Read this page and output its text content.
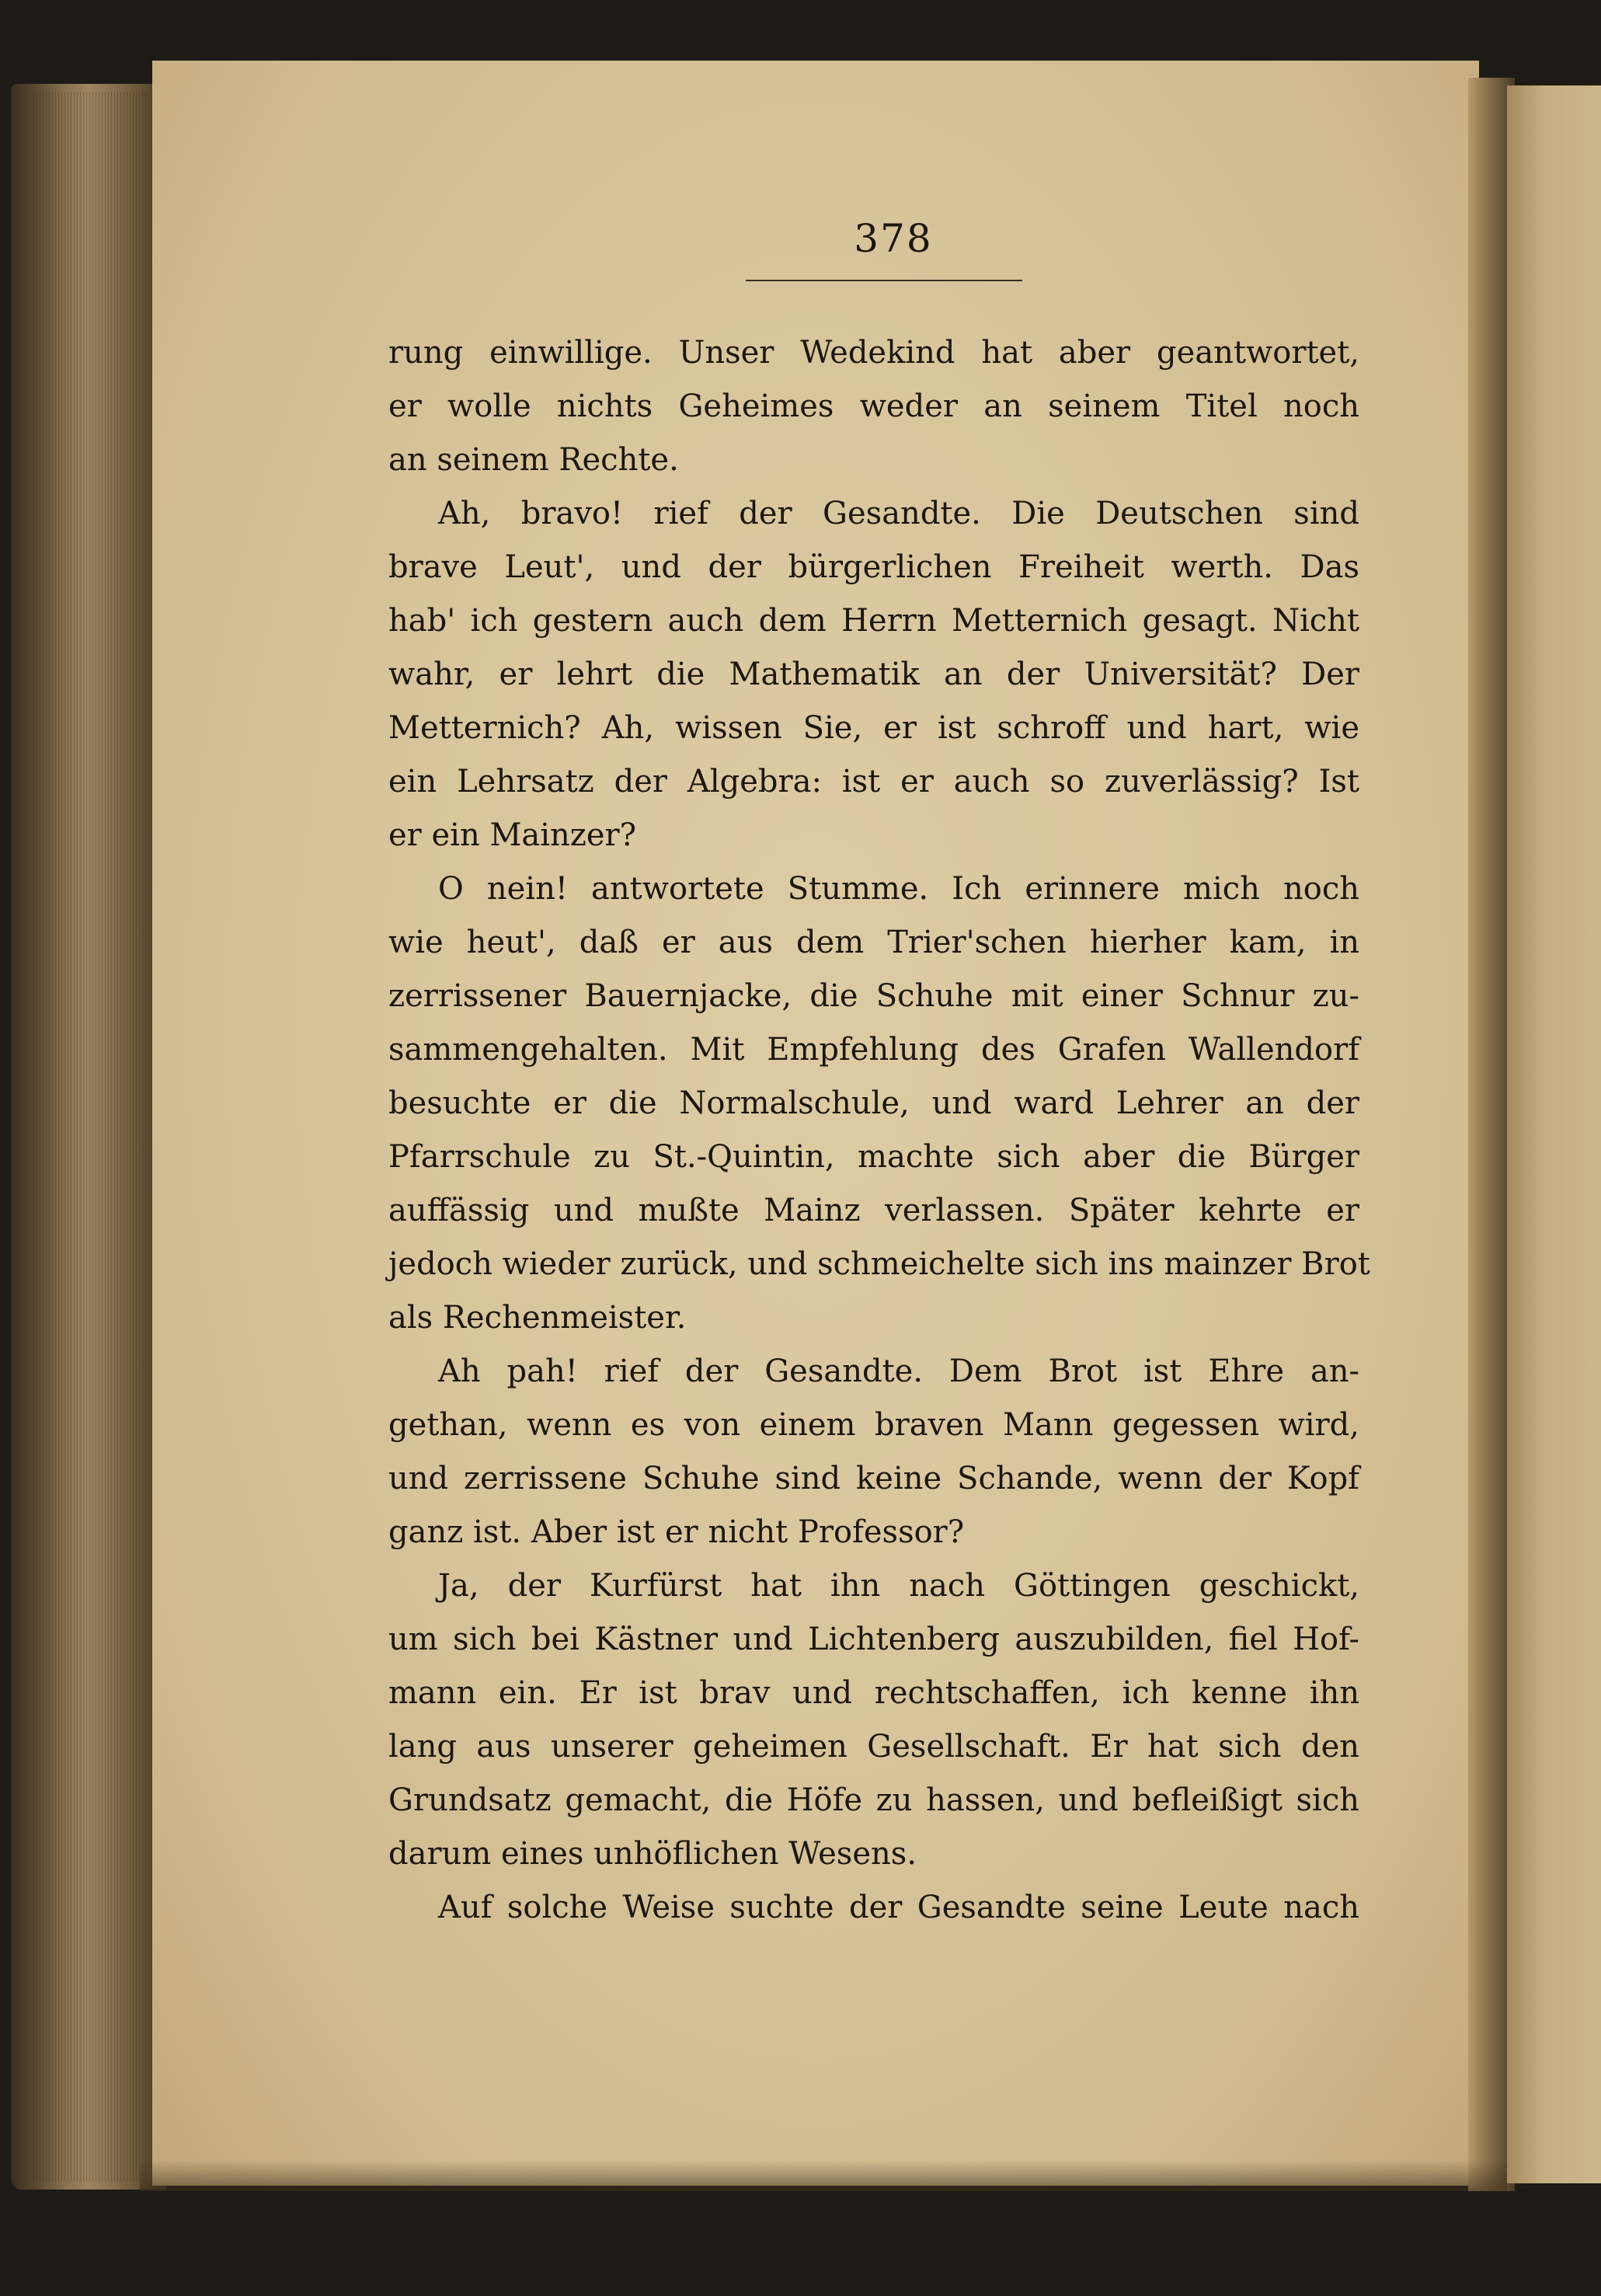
378
rung einwillige. Unser Wedekind hat aber geantwortet,
er wolle nichts Geheimes weder an seinem Titel noch
an seinem Rechte.
Ah, bravo! rief der Gesandte. Die Deutschen sind
brave Leut', und der bürgerlichen Freiheit werth. Das
hab' ich gestern auch dem Herrn Metternich gesagt. Nicht
wahr, er lehrt die Mathematik an der Universität? Der
Metternich? Ah, wissen Sie, er ist schroff und hart, wie
ein Lehrsatz der Algebra: ist er auch so zuverlässig? Ist
er ein Mainzer?
O nein! antwortete Stumme. Ich erinnere mich noch
wie heut', daß er aus dem Trier'schen hierher kam, in
zerrissener Bauernjacke, die Schuhe mit einer Schnur zu-
sammengehalten. Mit Empfehlung des Grafen Wallendorf
besuchte er die Normalschule, und ward Lehrer an der
Pfarrschule zu St.-Quintin, machte sich aber die Bürger
auffässig und mußte Mainz verlassen. Später kehrte er
jedoch wieder zurück, und schmeichelte sich ins mainzer Brot
als Rechenmeister.
Ah pah! rief der Gesandte. Dem Brot ist Ehre an-
gethan, wenn es von einem braven Mann gegessen wird,
und zerrissene Schuhe sind keine Schande, wenn der Kopf
ganz ist. Aber ist er nicht Professor?
Ja, der Kurfürst hat ihn nach Göttingen geschickt,
um sich bei Kästner und Lichtenberg auszubilden, fiel Hof-
mann ein. Er ist brav und rechtschaffen, ich kenne ihn
lang aus unserer geheimen Gesellschaft. Er hat sich den
Grundsatz gemacht, die Höfe zu hassen, und befleißigt sich
darum eines unhöflichen Wesens.
Auf solche Weise suchte der Gesandte seine Leute nach
